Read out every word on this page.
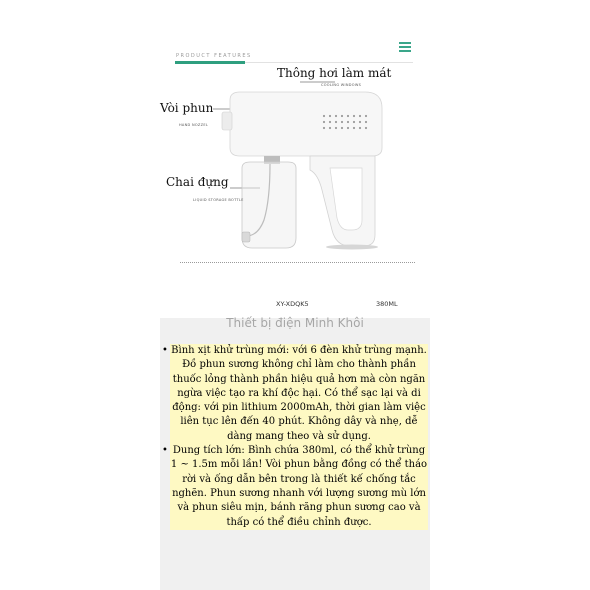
PRODUCT FEATURES
Thông hơi làm mát
COOLING WINDOWS
Vòi phun
HAND NOZZEL
Chai đựng
LIQUID STORAGE BOTTLE
XY-XDQK5	380ML
Thiết bị điện Minh Khôi
• Bình xịt khử trùng mới: với 6 đèn khử trùng mạnh. Đồ phun sương không chỉ làm cho thành phần thuốc lỏng thành phần hiệu quả hơn mà còn ngăn ngừa việc tạo ra khí độc hại. Có thể sạc lại và di động: với pin lithium 2000mAh, thời gian làm việc liên tục lên đến 40 phút. Không dây và nhẹ, dễ dàng mang theo và sử dụng.
• Dung tích lớn: Bình chứa 380ml, có thể khử trùng 1 ~ 1.5m mỗi lần! Vòi phun bằng đồng có thể tháo rời và ống dẫn bên trong là thiết kế chống tắc nghẽn. Phun sương nhanh với lượng sương mù lớn và phun siêu mịn, bánh răng phun sương cao và thấp có thể điều chỉnh được.
